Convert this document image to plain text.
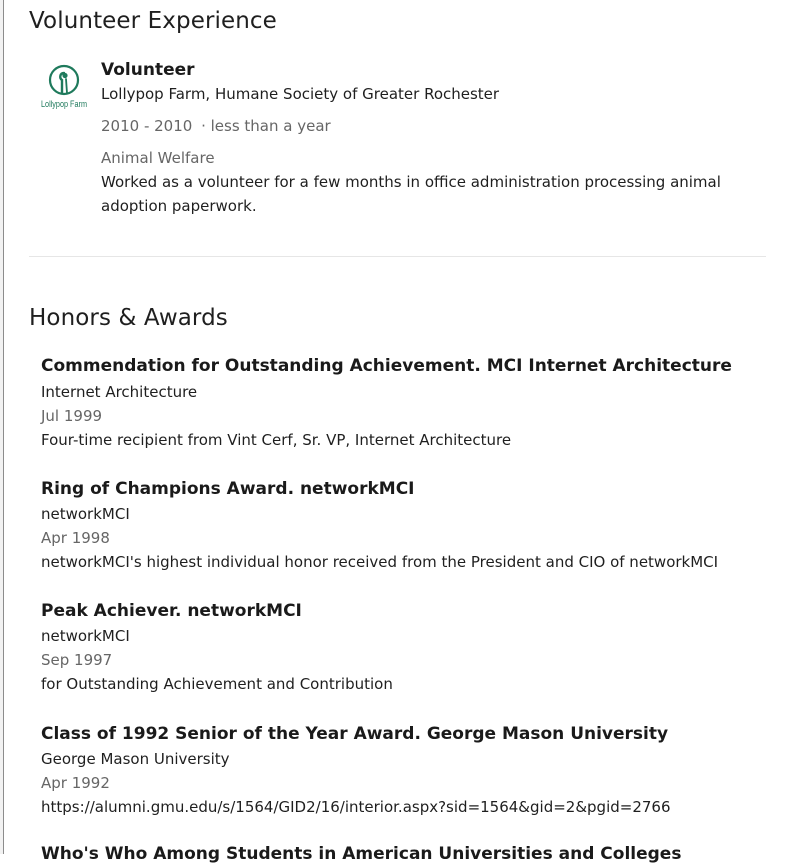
Volunteer Experience
Lollypop Farm
Volunteer
Lollypop Farm, Humane Society of Greater Rochester
2010 - 2010 · less than a year
Animal Welfare
Worked as a volunteer for a few months in office administration processing animal adoption paperwork.
Honors & Awards
Commendation for Outstanding Achievement. MCI Internet Architecture
Internet Architecture
Jul 1999
Four-time recipient from Vint Cerf, Sr. VP, Internet Architecture
Ring of Champions Award. networkMCI
networkMCI
Apr 1998
networkMCI's highest individual honor received from the President and CIO of networkMCI
Peak Achiever. networkMCI
networkMCI
Sep 1997
for Outstanding Achievement and Contribution
Class of 1992 Senior of the Year Award. George Mason University
George Mason University
Apr 1992
https://alumni.gmu.edu/s/1564/GID2/16/interior.aspx?sid=1564&gid=2&pgid=2766
Who's Who Among Students in American Universities and Colleges
